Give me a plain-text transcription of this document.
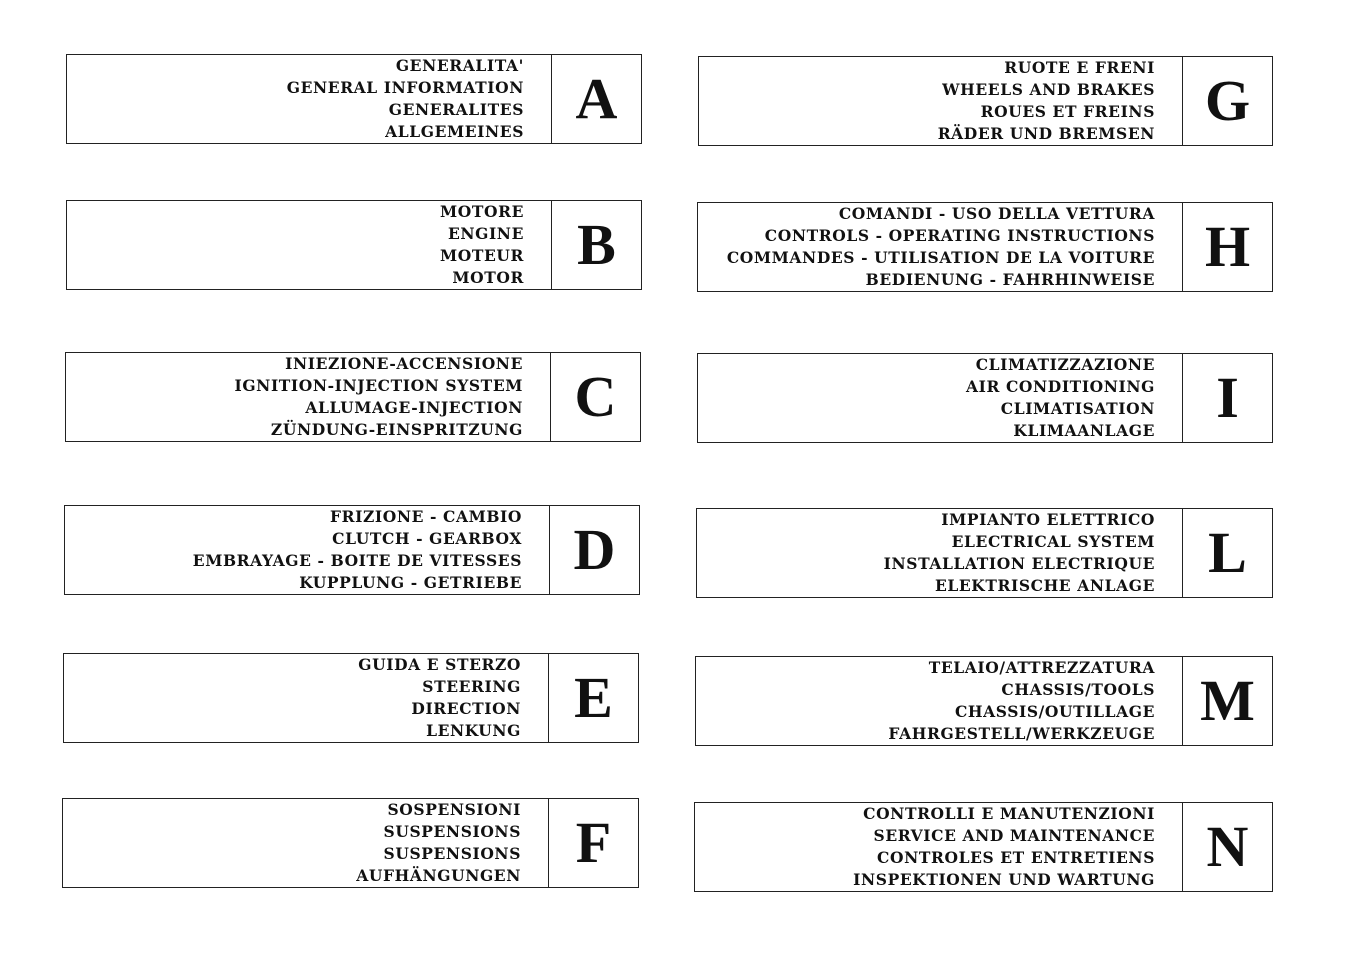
GENERALITA'
GENERAL INFORMATION
GENERALITES
ALLGEMEINES
A
MOTORE
ENGINE
MOTEUR
MOTOR
B
INIEZIONE-ACCENSIONE
IGNITION-INJECTION SYSTEM
ALLUMAGE-INJECTION
ZÜNDUNG-EINSPRITZUNG
C
FRIZIONE - CAMBIO
CLUTCH - GEARBOX
EMBRAYAGE - BOITE DE VITESSES
KUPPLUNG - GETRIEBE
D
GUIDA E STERZO
STEERING
DIRECTION
LENKUNG
E
SOSPENSIONI
SUSPENSIONS
SUSPENSIONS
AUFHÄNGUNGEN
F
RUOTE E FRENI
WHEELS AND BRAKES
ROUES ET FREINS
RÄDER UND BREMSEN
G
COMANDI - USO DELLA VETTURA
CONTROLS - OPERATING INSTRUCTIONS
COMMANDES - UTILISATION DE LA VOITURE
BEDIENUNG - FAHRHINWEISE
H
CLIMATIZZAZIONE
AIR CONDITIONING
CLIMATISATION
KLIMAANLAGE
I
IMPIANTO ELETTRICO
ELECTRICAL SYSTEM
INSTALLATION ELECTRIQUE
ELEKTRISCHE ANLAGE
L
TELAIO/ATTREZZATURA
CHASSIS/TOOLS
CHASSIS/OUTILLAGE
FAHRGESTELL/WERKZEUGE
M
CONTROLLI E MANUTENZIONI
SERVICE AND MAINTENANCE
CONTROLES ET ENTRETIENS
INSPEKTIONEN UND WARTUNG
N
